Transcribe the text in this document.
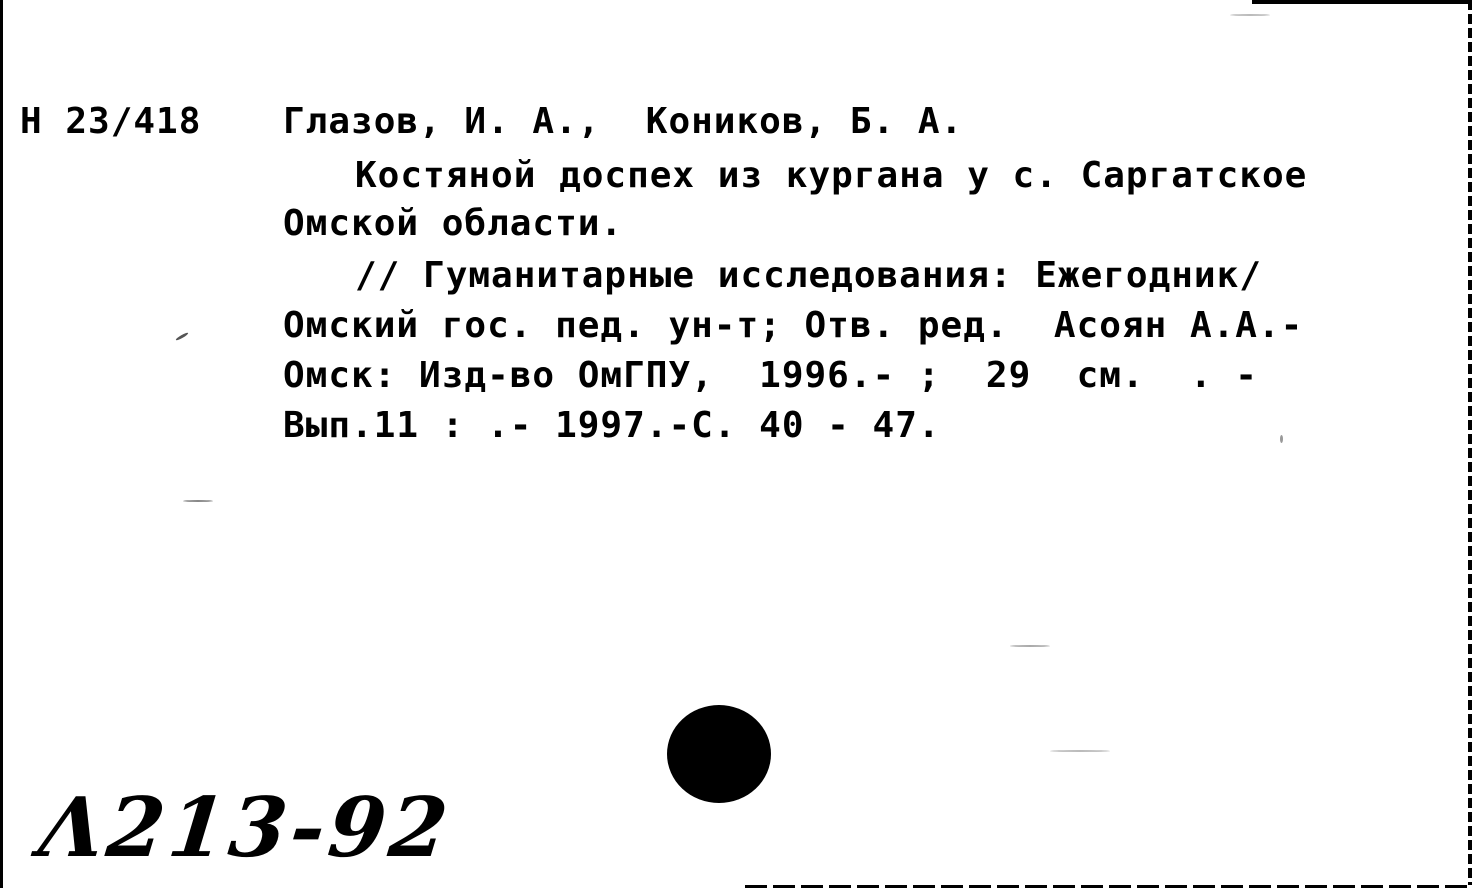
Н 23/418 Глазов, И. А.,  Коников, Б. А.
Костяной доспех из кургана у с. Саргатское
Омской области.
// Гуманитарные исследования: Ежегодник/
Омский гос. пед. ун-т; Отв. ред.  Асоян А.А.-
Омск: Изд-во ОмГПУ,  1996.- ;  29  см.  . -
Вып.11 : .- 1997.-С. 40 - 47.
Λ213-92
